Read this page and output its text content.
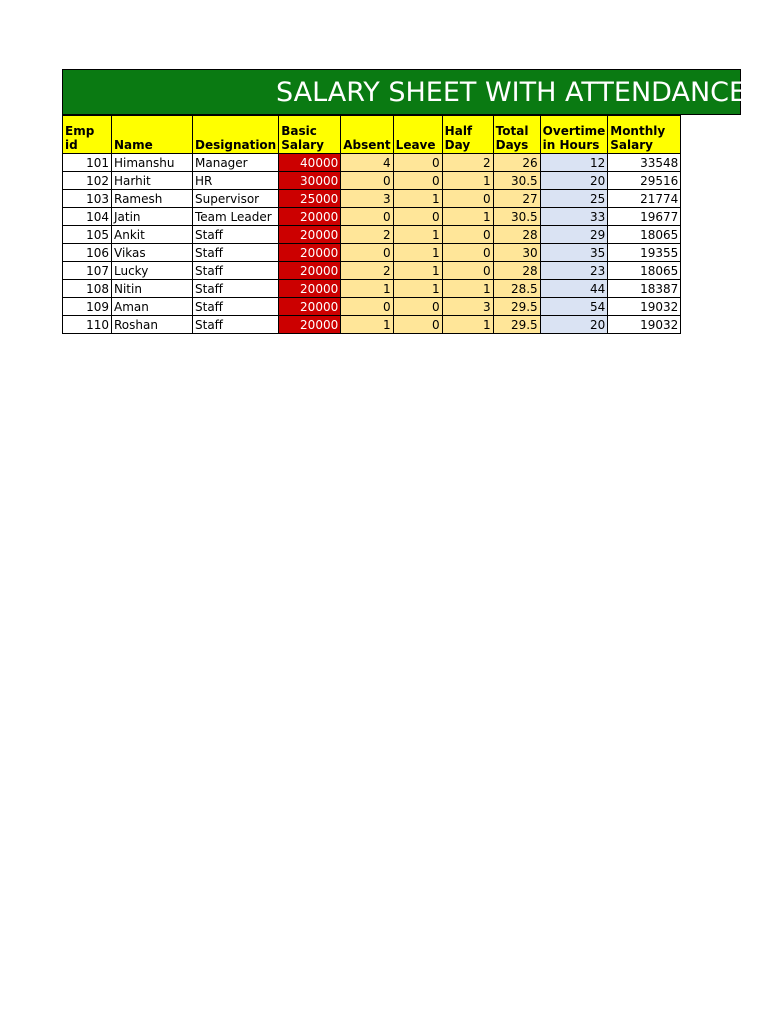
SALARY SHEET WITH ATTENDANCE
Emp id	Name	Designation	Basic Salary	Absent	Leave	Half Day	Total Days	Overtime in Hours	Monthly Salary
101	Himanshu	Manager	40000	4	0	2	26	12	33548
102	Harhit	HR	30000	0	0	1	30.5	20	29516
103	Ramesh	Supervisor	25000	3	1	0	27	25	21774
104	Jatin	Team Leader	20000	0	0	1	30.5	33	19677
105	Ankit	Staff	20000	2	1	0	28	29	18065
106	Vikas	Staff	20000	0	1	0	30	35	19355
107	Lucky	Staff	20000	2	1	0	28	23	18065
108	Nitin	Staff	20000	1	1	1	28.5	44	18387
109	Aman	Staff	20000	0	0	3	29.5	54	19032
110	Roshan	Staff	20000	1	0	1	29.5	20	19032
